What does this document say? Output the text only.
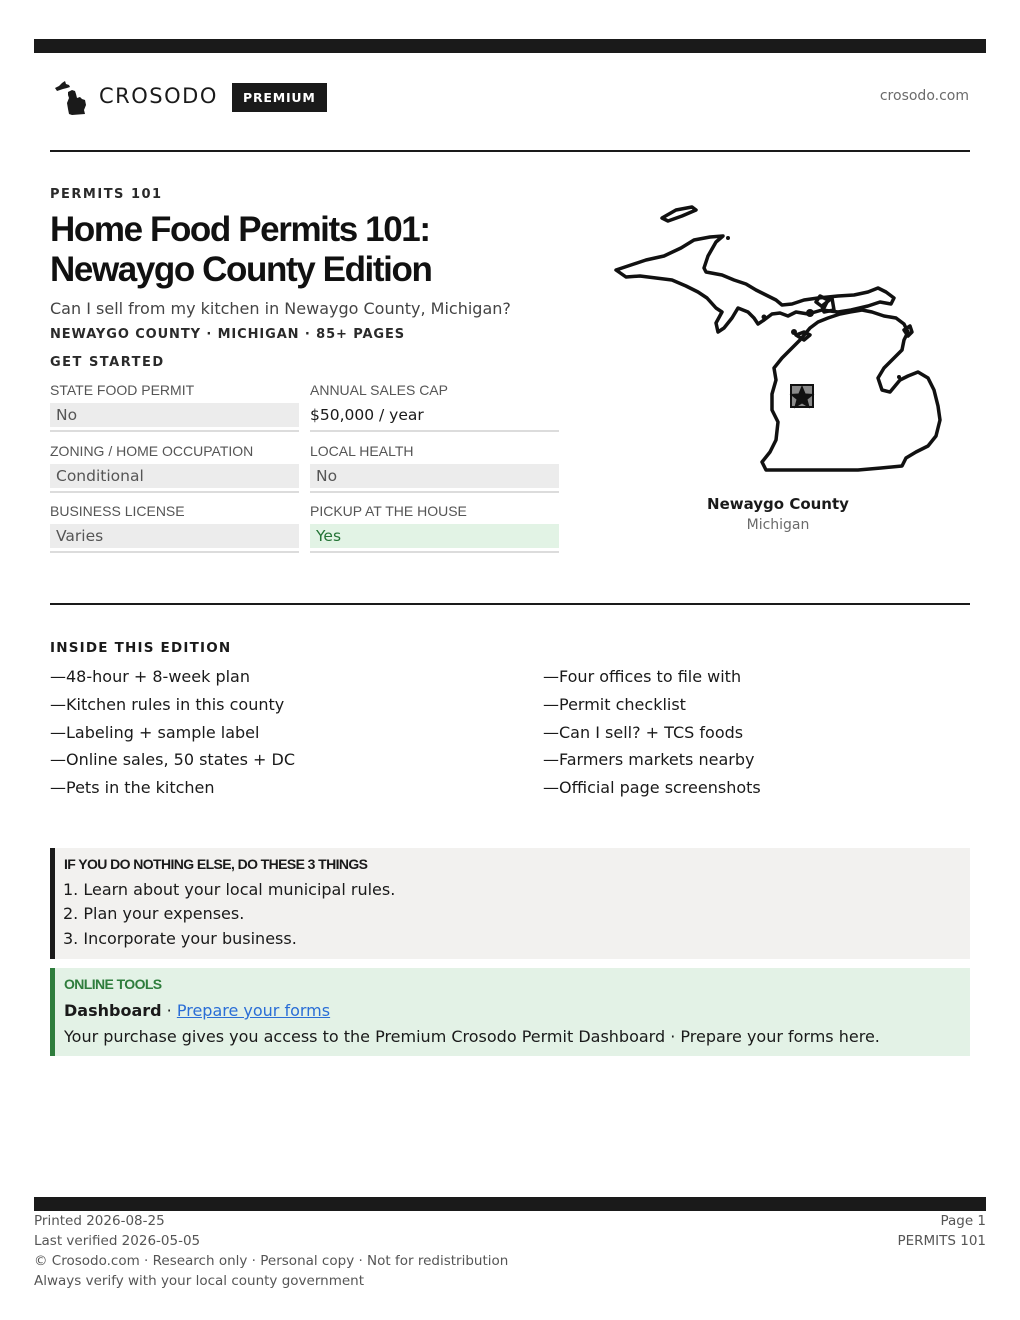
CROSODO	PREMIUM	crosodo.com
PERMITS 101
Home Food Permits 101:
Newaygo County Edition
Can I sell from my kitchen in Newaygo County, Michigan?
NEWAYGO COUNTY · MICHIGAN · 85+ PAGES
GET STARTED
STATE FOOD PERMIT
No
ANNUAL SALES CAP
$50,000 / year
ZONING / HOME OCCUPATION
Conditional
LOCAL HEALTH
No
BUSINESS LICENSE
Varies
PICKUP AT THE HOUSE
Yes
Newaygo County
Michigan
INSIDE THIS EDITION
—48-hour + 8-week plan
—Kitchen rules in this county
—Labeling + sample label
—Online sales, 50 states + DC
—Pets in the kitchen
—Four offices to file with
—Permit checklist
—Can I sell? + TCS foods
—Farmers markets nearby
—Official page screenshots
IF YOU DO NOTHING ELSE, DO THESE 3 THINGS
1. Learn about your local municipal rules.
2. Plan your expenses.
3. Incorporate your business.
ONLINE TOOLS
Dashboard · Prepare your forms
Your purchase gives you access to the Premium Crosodo Permit Dashboard · Prepare your forms here.
Printed 2026-08-25
Last verified 2026-05-05
© Crosodo.com · Research only · Personal copy · Not for redistribution
Always verify with your local county government
Page 1
PERMITS 101
